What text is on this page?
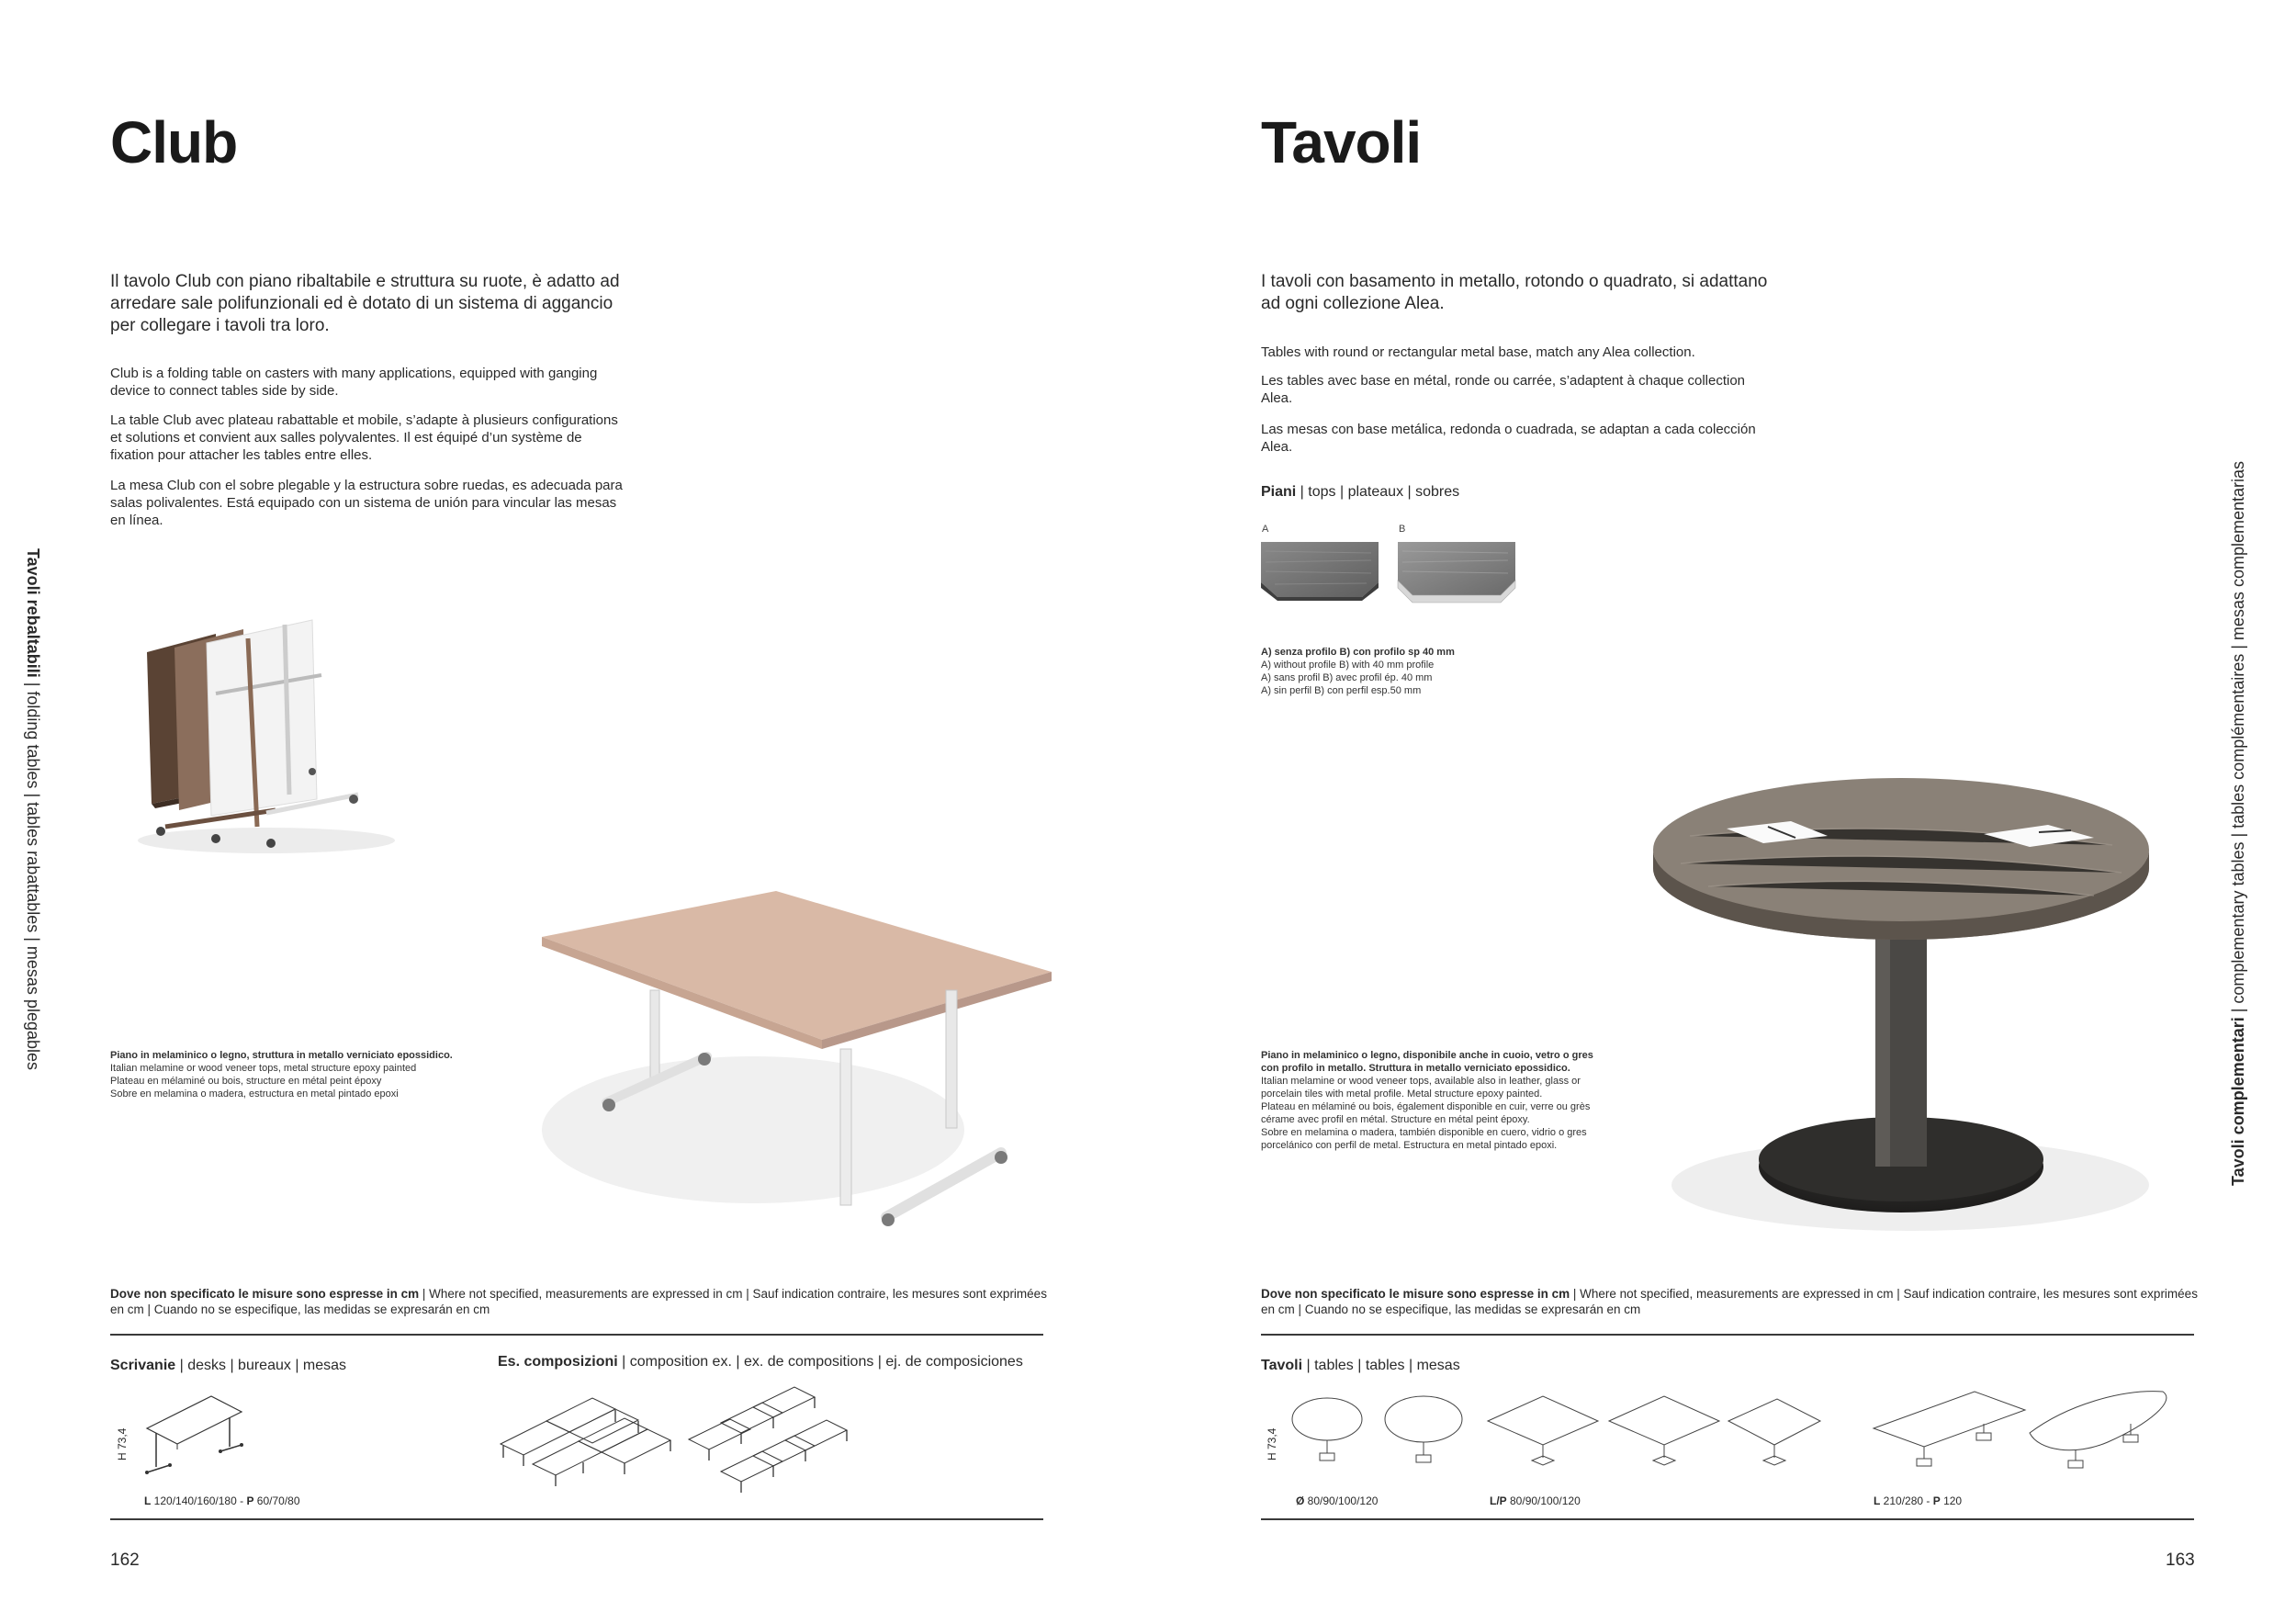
Club
Il tavolo Club con piano ribaltabile e struttura su ruote, è adatto ad arredare sale polifunzionali ed è dotato di un sistema di aggancio per collegare i tavoli tra loro.
Club is a folding table on casters with many applications, equipped with ganging device to connect tables side by side.
La table Club avec plateau rabattable et mobile, s’adapte à plusieurs configurations et solutions et convient aux salles polyvalentes. Il est équipé d’un système de fixation pour attacher les tables entre elles.
La mesa Club con el sobre plegable y la estructura sobre ruedas, es adecuada para salas polivalentes. Está equipado con un sistema de unión para vincular las mesas en línea.
Tavoli rebaltabili | folding tables | tables rabattables | mesas plegables	Piano in melaminico o legno, struttura in metallo verniciato epossidico.
Italian melamine or wood veneer tops, metal structure epoxy painted
Plateau en mélaminé ou bois, structure en métal peint époxy
Sobre en melamina o madera, estructura en metal pintado epoxi
Dove non specificato le misure sono espresse in cm | Where not specified, measurements are expressed in cm | Sauf indication contraire, les mesures sont exprimées en cm | Cuando no se especifique, las medidas se expresarán en cm
Scrivanie | desks | bureaux | mesas	Es. composizioni | composition ex. | ex. de compositions | ej. de composiciones
H 73,4
L 120/140/160/180 - P 60/70/80
162
Tavoli
I tavoli con basamento in metallo, rotondo o quadrato, si adattano ad ogni collezione Alea.
Tables with round or rectangular metal base, match any Alea collection.
Les tables avec base en métal, ronde ou carrée, s’adaptent à chaque collection Alea.
Las mesas con base metálica, redonda o cuadrada, se adaptan a cada colección Alea.
Piani | tops | plateaux | sobres
A	B
A) senza profilo B) con profilo sp 40 mm
A) without profile B) with 40 mm profile
A) sans profil B) avec profil ép. 40 mm
A) sin perfil B) con perfil esp.50 mm
Tavoli complementari | complementary tables | tables complémentaires | mesas complementarias
Piano in melaminico o legno, disponibile anche in cuoio, vetro o gres con profilo in metallo. Struttura in metallo verniciato epossidico.
Italian melamine or wood veneer tops, available also in leather, glass or porcelain tiles with metal profile. Metal structure epoxy painted.
Plateau en mélaminé ou bois, également disponible en cuir, verre ou grès cérame avec profil en métal. Structure en métal peint époxy.
Sobre en melamina o madera, también disponible en cuero, vidrio o gres porcelánico con perfil de metal. Estructura en metal pintado epoxi.
Dove non specificato le misure sono espresse in cm | Where not specified, measurements are expressed in cm | Sauf indication contraire, les mesures sont exprimées en cm | Cuando no se especifique, las medidas se expresarán en cm
Tavoli | tables | tables | mesas
H 73,4
Ø 80/90/100/120	L/P 80/90/100/120	L 210/280 - P 120
163
